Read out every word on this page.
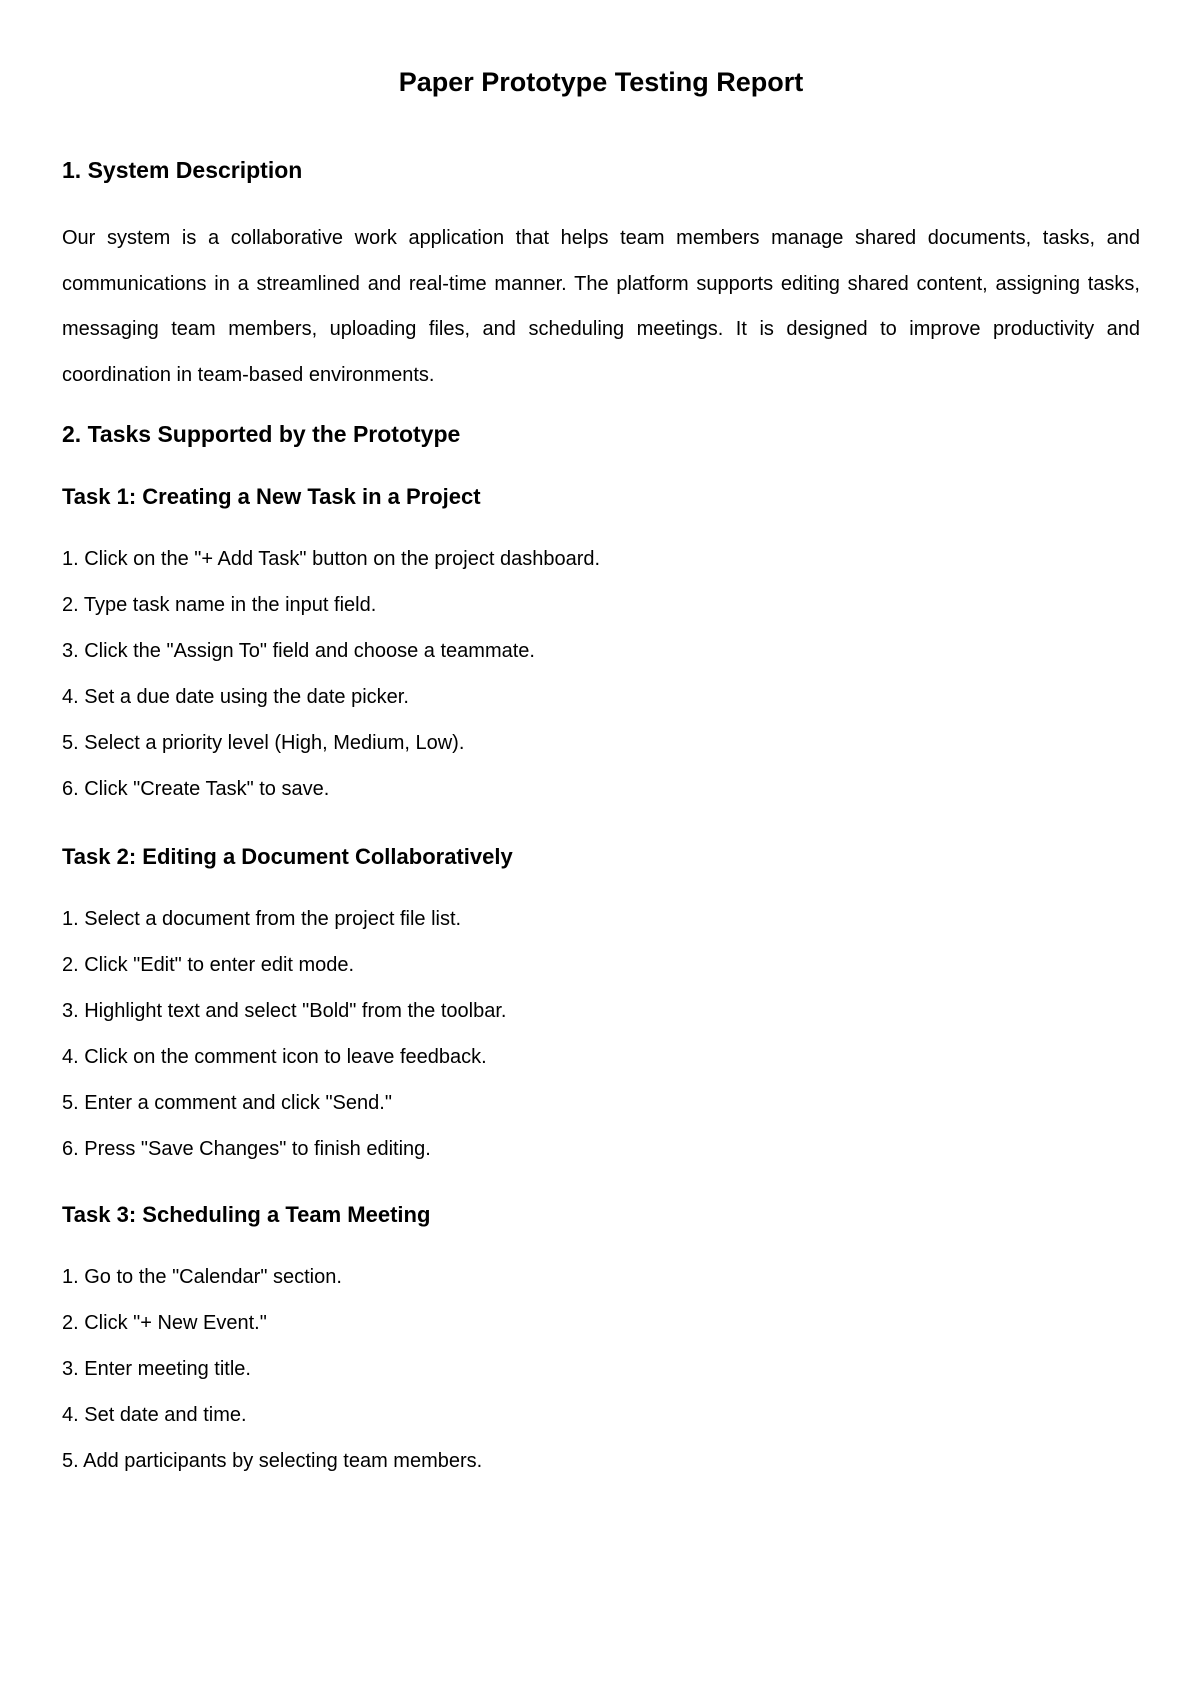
Paper Prototype Testing Report
1. System Description

Our system is a collaborative work application that helps team members manage shared documents, tasks, and communications in a streamlined and real-time manner. The platform supports editing shared content, assigning tasks, messaging team members, uploading files, and scheduling meetings. It is designed to improve productivity and coordination in team-based environments.

2. Tasks Supported by the Prototype
Task 1: Creating a New Task in a Project
1. Click on the "+ Add Task" button on the project dashboard.
2. Type task name in the input field.
3. Click the "Assign To" field and choose a teammate.
4. Set a due date using the date picker.
5. Select a priority level (High, Medium, Low).
6. Click "Create Task" to save.
Task 2: Editing a Document Collaboratively
1. Select a document from the project file list.
2. Click "Edit" to enter edit mode.
3. Highlight text and select "Bold" from the toolbar.
4. Click on the comment icon to leave feedback.
5. Enter a comment and click "Send."
6. Press "Save Changes" to finish editing.
Task 3: Scheduling a Team Meeting
1. Go to the "Calendar" section.
2. Click "+ New Event."
3. Enter meeting title.
4. Set date and time.
5. Add participants by selecting team members.
